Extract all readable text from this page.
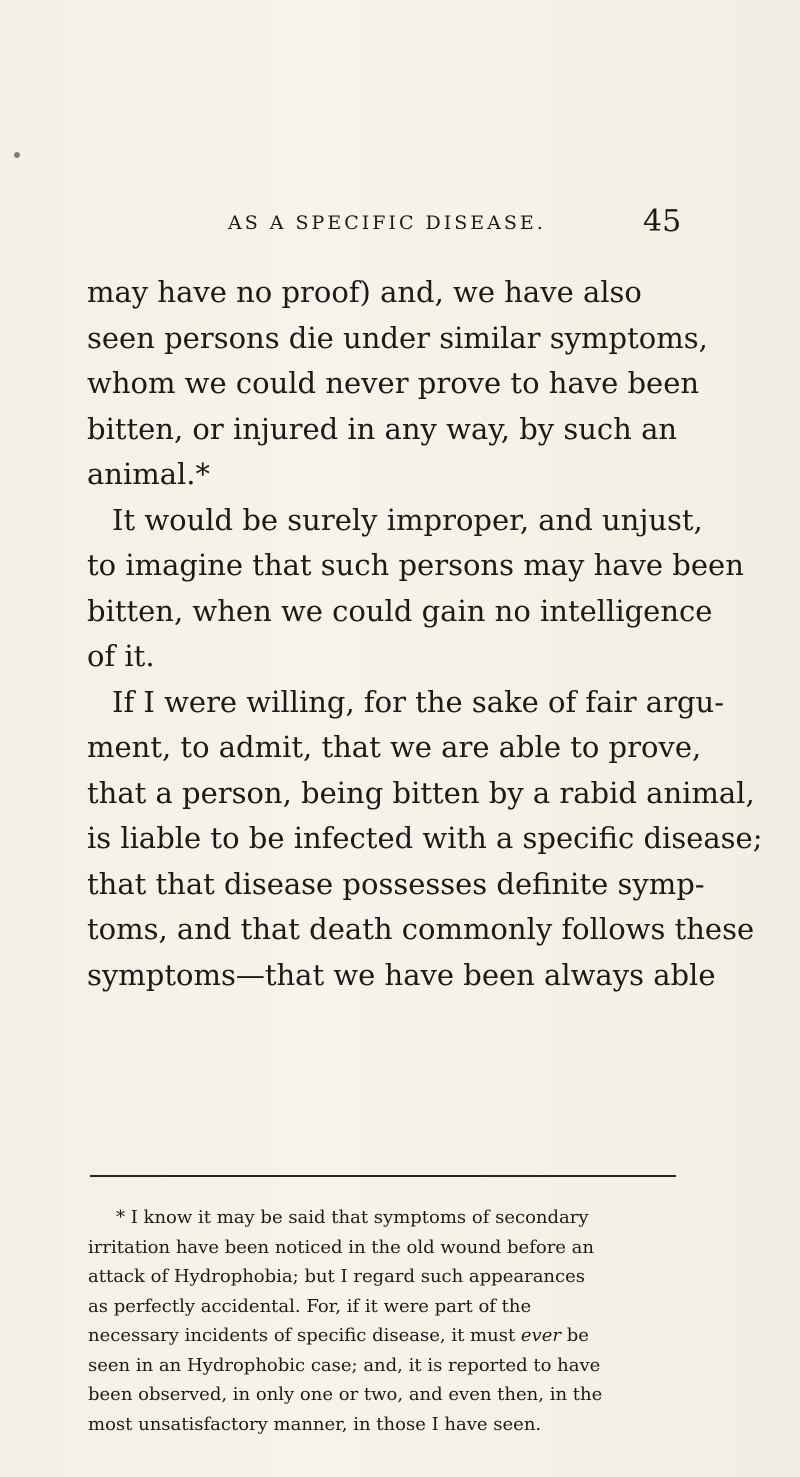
AS A SPECIFIC DISEASE.	45
may have no proof) and, we have also
seen persons die under similar symptoms,
whom we could never prove to have been
bitten, or injured in any way, by such an
animal.*
It would be surely improper, and unjust,
to imagine that such persons may have been
bitten, when we could gain no intelligence
of it.
If I were willing, for the sake of fair argu-
ment, to admit, that we are able to prove,
that a person, being bitten by a rabid animal,
is liable to be infected with a specific disease;
that that disease possesses definite symp-
toms, and that death commonly follows these
symptoms—that we have been always able
* I know it may be said that symptoms of secondary
irritation have been noticed in the old wound before an
attack of Hydrophobia; but I regard such appearances
as perfectly accidental. For, if it were part of the
necessary incidents of specific disease, it must ever be
seen in an Hydrophobic case; and, it is reported to have
been observed, in only one or two, and even then, in the
most unsatisfactory manner, in those I have seen.
